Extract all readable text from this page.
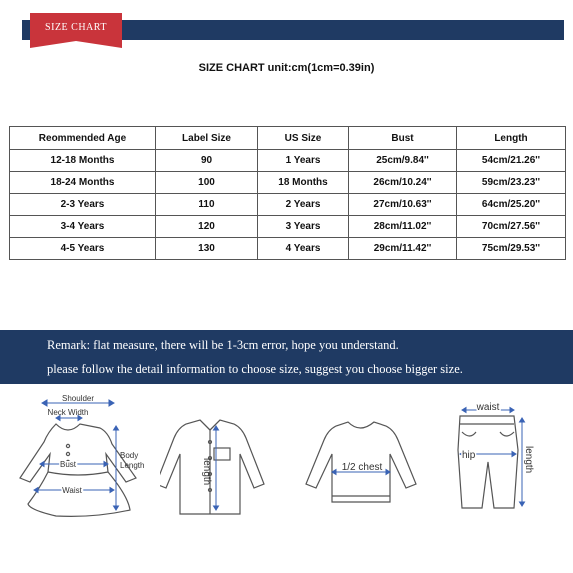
SIZE CHART
SIZE CHART unit:cm(1cm=0.39in)
Reommended Age	Label Size	US Size	Bust	Length
12-18 Months	90	1 Years	25cm/9.84''	54cm/21.26''
18-24 Months	100	18 Months	26cm/10.24''	59cm/23.23''
2-3 Years	110	2 Years	27cm/10.63''	64cm/25.20''
3-4 Years	120	3 Years	28cm/11.02''	70cm/27.56''
4-5 Years	130	4 Years	29cm/11.42''	75cm/29.53''
Remark: flat measure, there will be 1-3cm error, hope you understand.
please follow the detail information to choose size, suggest you choose bigger size.
Shoulder
Neck Width
Body
Length
Bust
Waist
length	1/2 chest
waist
hip	length
